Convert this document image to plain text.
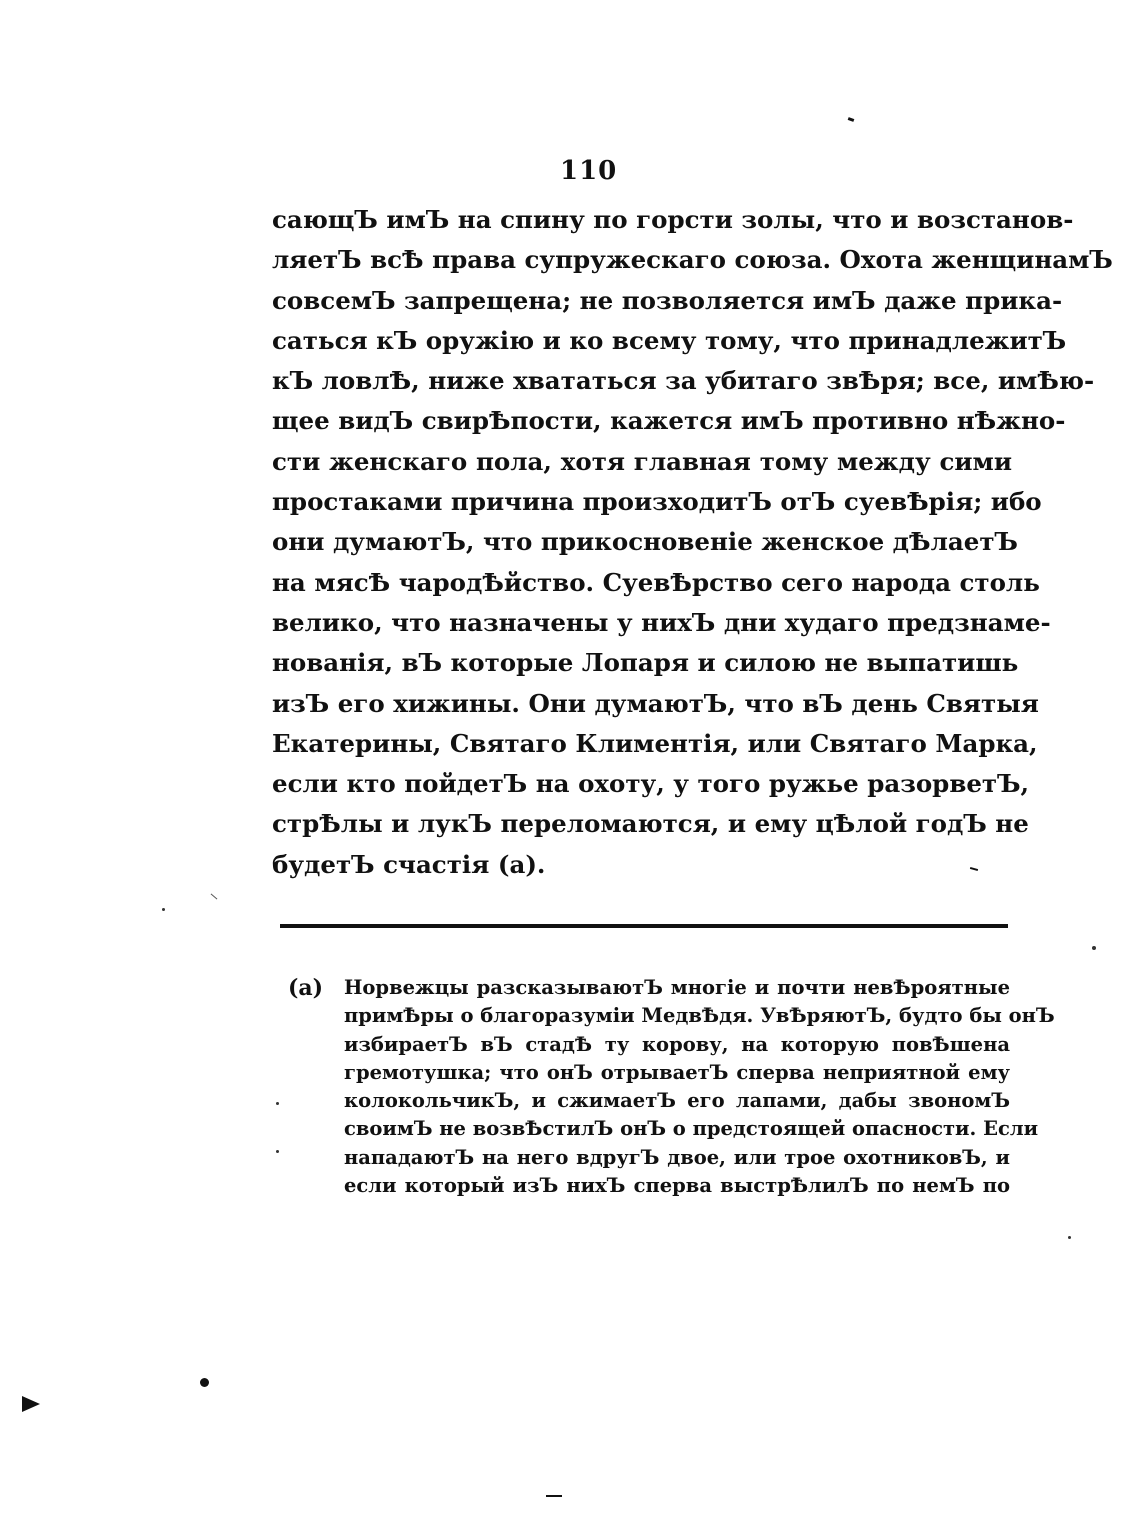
110
сающЪ имЪ на спину по горсти золы, что и возстанов-
ляетЪ всѢ права супружескаго союза. Охота женщинамЪ
совсемЪ запрещена; не позволяется имЪ даже прика-
саться кЪ оружію и ко всему тому, что принадлежитЪ
кЪ ловлѢ, ниже хвататься за убитаго звѢря; все, имѢю-
щее видЪ свирѢпости, кажется имЪ противно нѢжно-
сти женскаго пола, хотя главная тому между сими
простаками причина произходитЪ отЪ суевѢрія; ибо
они думаютЪ, что прикосновеніе женское дѢлаетЪ
на мясѢ чародѢйство. СуевѢрство сего народа столь
велико, что назначены у нихЪ дни худаго предзнаме-
нованія, вЪ которые Лопаря и силою не выпатишь
изЪ его хижины. Они думаютЪ, что вЪ день Святыя
Екатерины, Святаго Климентія, или Святаго Марка,
если кто пойдетЪ на охоту, у того ружье разорветЪ,
стрѢлы и лукЪ переломаются, и ему цѢлой годЪ не
будетЪ счастія (а).
(а) Норвежцы разсказываютЪ многіе и почти невѢроятные
примѢры о благоразуміи МедвѢдя. УвѢряютЪ, будто бы онЪ
избираетЪ вЪ стадѢ ту корову, на которую повѢшена
гремотушка; что онЪ отрываетЪ сперва неприятной ему
колокольчикЪ, и сжимаетЪ его лапами, дабы звономЪ
своимЪ не возвѢстилЪ онЪ о предстоящей опасности. Если
нападаютЪ на него вдругЪ двое, или трое охотниковЪ, и
если который изЪ нихЪ сперва выстрѢлилЪ по немЪ по
